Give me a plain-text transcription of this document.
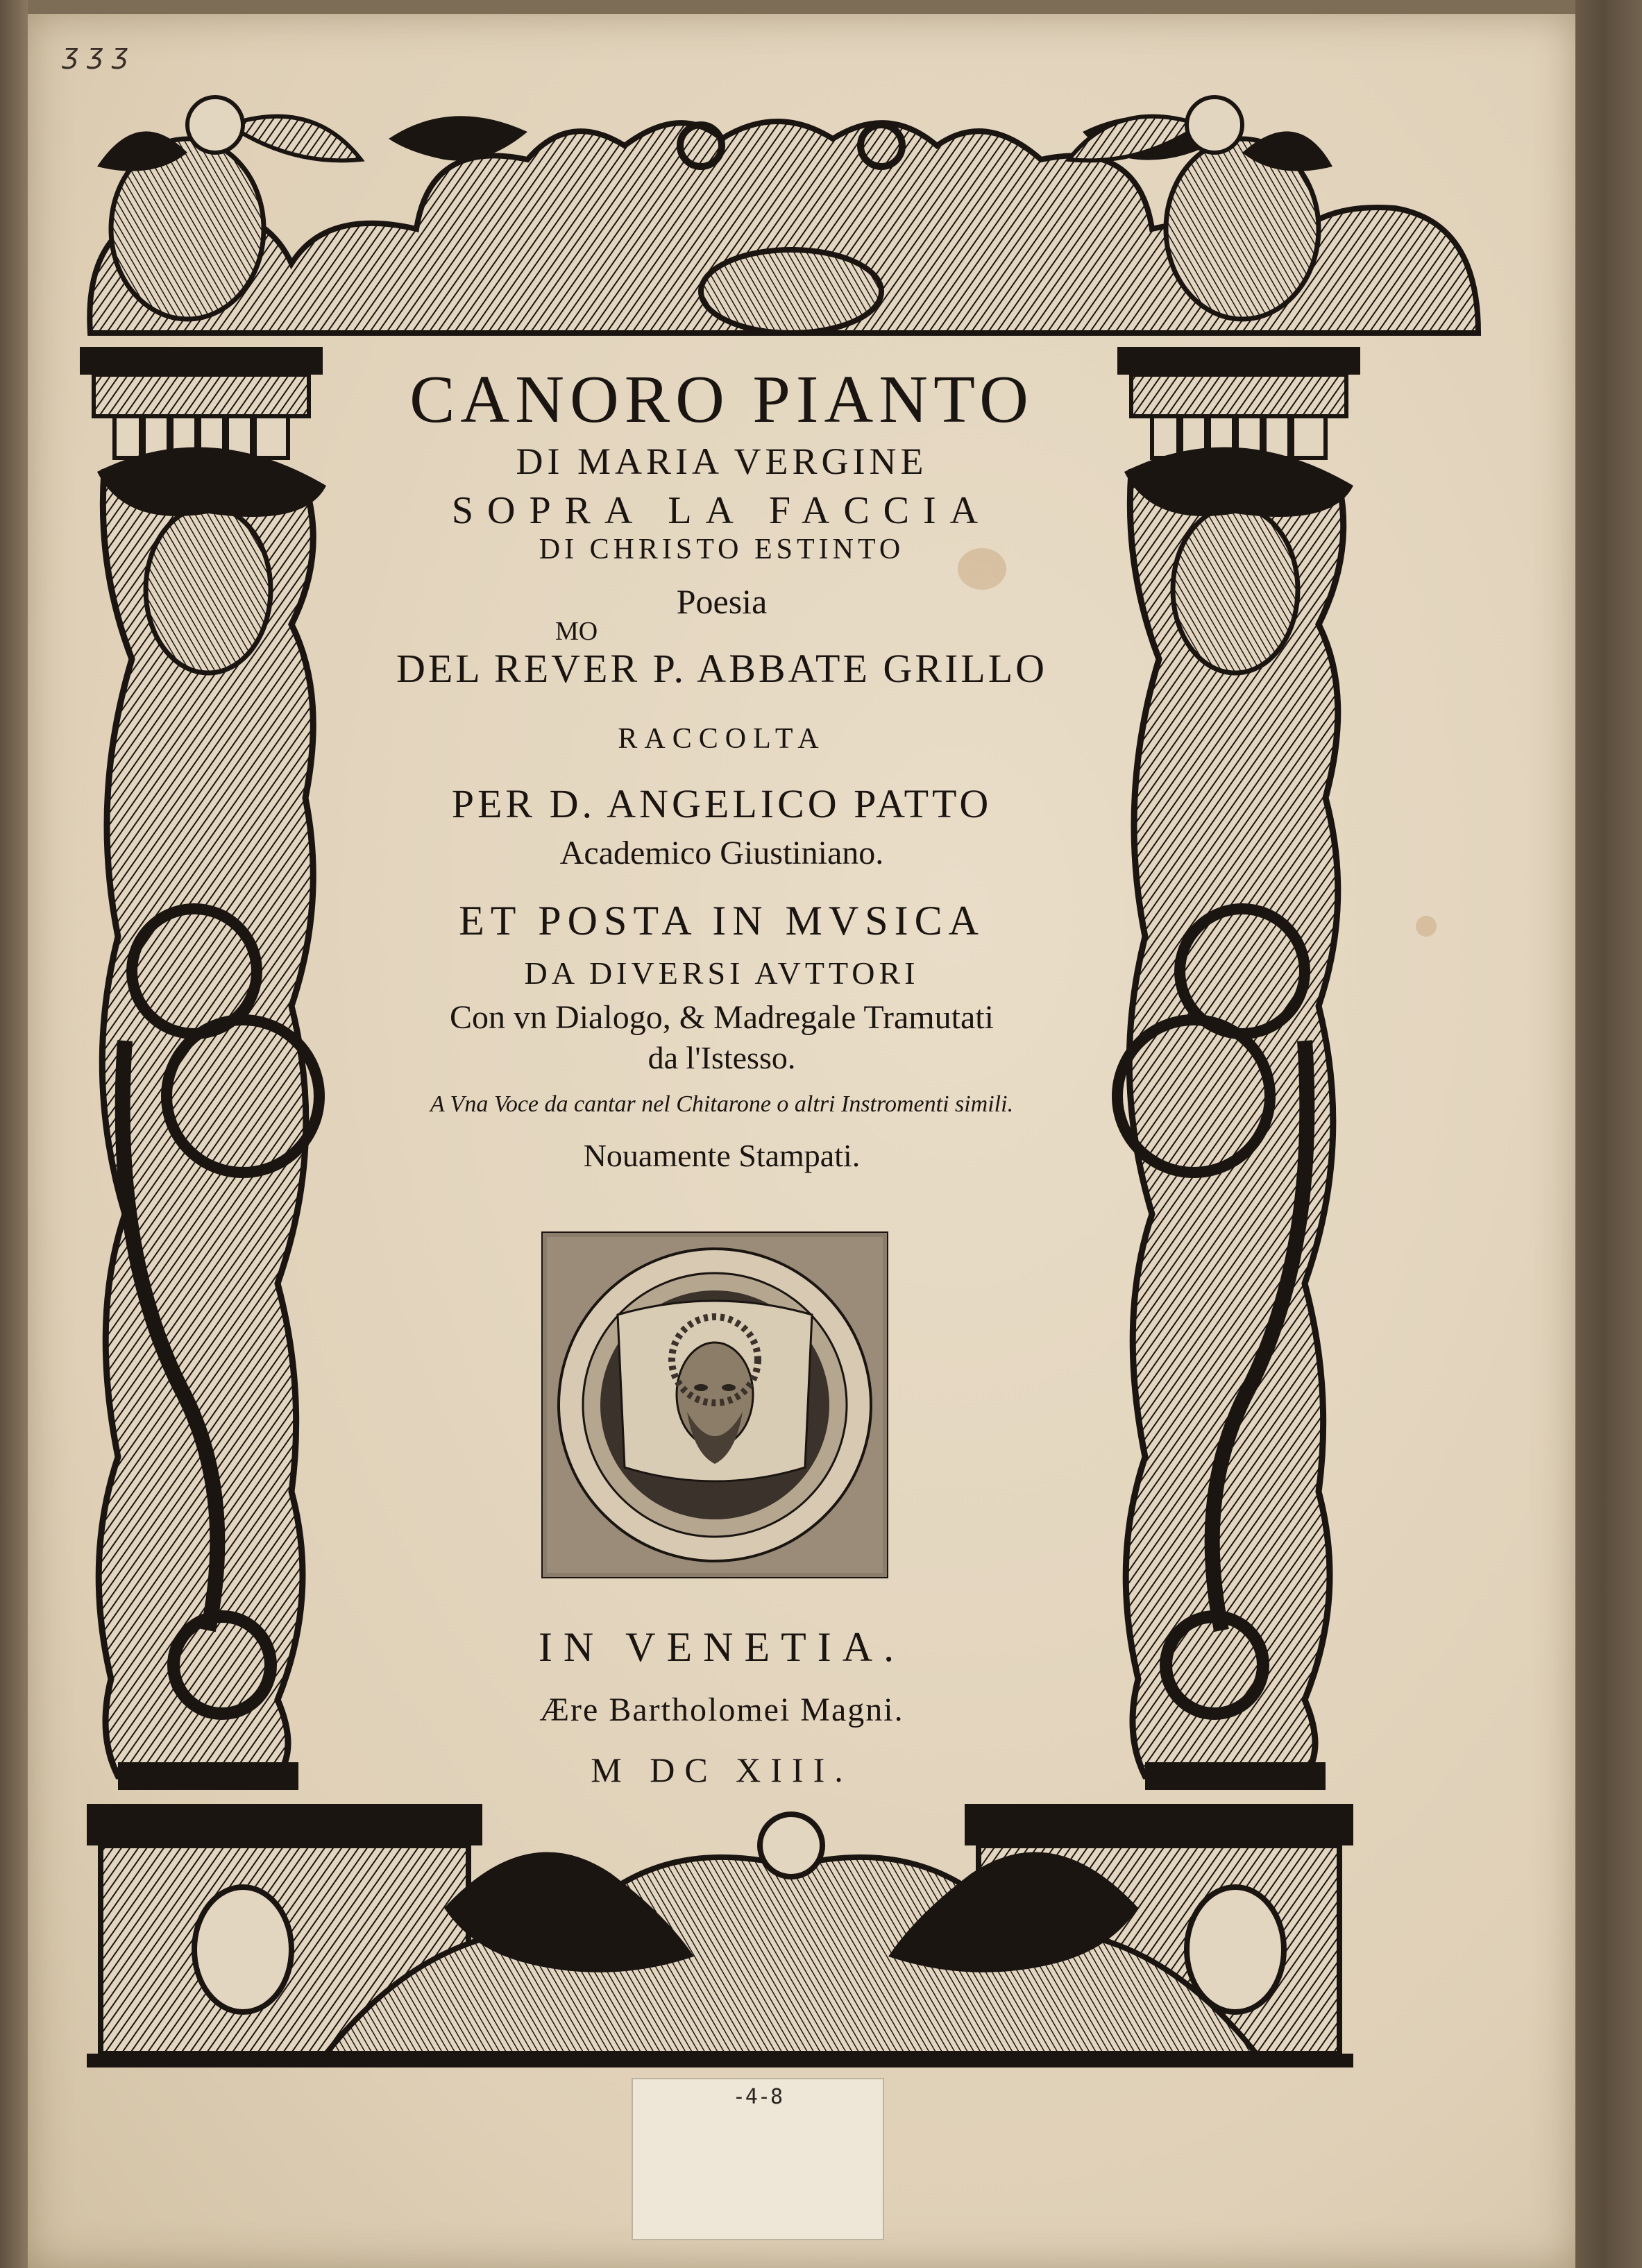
ʒ ʒ ʒ
CANORO PIANTO
DI MARIA VERGINE
SOPRA LA FACCIA
DI CHRISTO ESTINTO
Poesia
MO
DEL REVER P. ABBATE GRILLO
RACCOLTA
PER D. ANGELICO PATTO
Academico Giustiniano.
ET POSTA IN MVSICA
DA DIVERSI AVTTORI
Con vn Dialogo, & Madregale Tramutati
da l'Istesso.
A Vna Voce da cantar nel Chitarone o altri Instromenti simili.
Nouamente Stampati.
IN VENETIA.
Ære Bartholomei Magni.
M DC XIII.
-4-8
